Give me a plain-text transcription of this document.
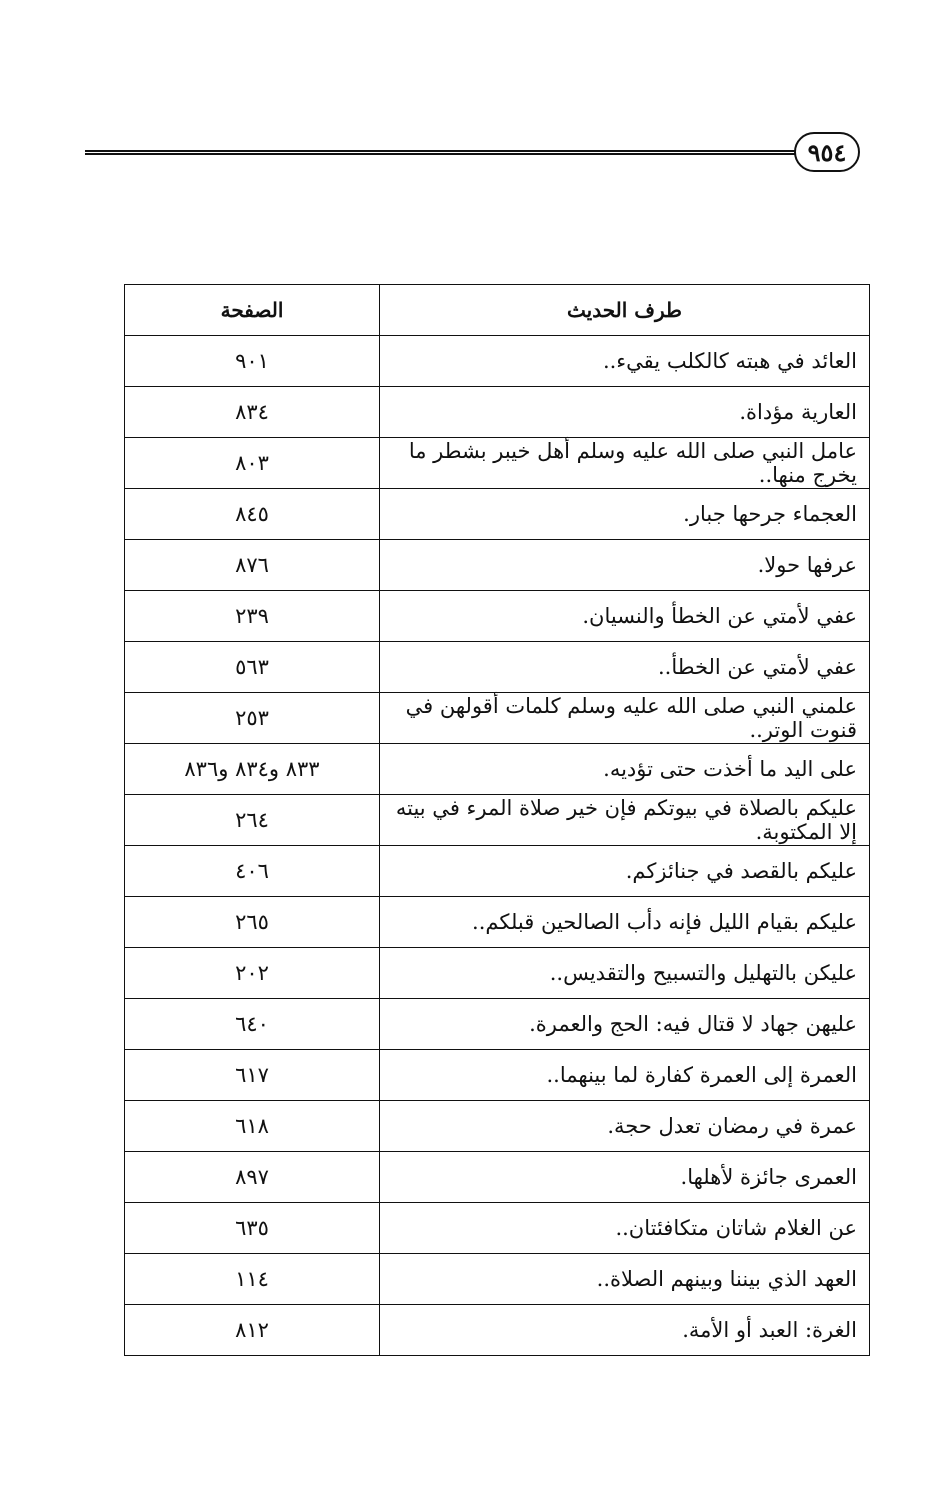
٩٥٤
طرف الحديث	الصفحة
العائد في هبته كالكلب يقيء..	٩٠١
العارية مؤداة.	٨٣٤
عامل النبي صلى الله عليه وسلم أهل خيبر بشطر ما يخرج منها..	٨٠٣
العجماء جرحها جبار.	٨٤٥
عرفها حولا.	٨٧٦
عفي لأمتي عن الخطأ والنسيان.	٢٣٩
عفي لأمتي عن الخطأ..	٥٦٣
علمني النبي صلى الله عليه وسلم كلمات أقولهن في قنوت الوتر..	٢٥٣
على اليد ما أخذت حتى تؤديه.	٨٣٣ و٨٣٤ و٨٣٦
عليكم بالصلاة في بيوتكم فإن خير صلاة المرء في بيته إلا المكتوبة.	٢٦٤
عليكم بالقصد في جنائزكم.	٤٠٦
عليكم بقيام الليل فإنه دأب الصالحين قبلكم..	٢٦٥
عليكن بالتهليل والتسبيح والتقديس..	٢٠٢
عليهن جهاد لا قتال فيه: الحج والعمرة.	٦٤٠
العمرة إلى العمرة كفارة لما بينهما..	٦١٧
عمرة في رمضان تعدل حجة.	٦١٨
العمرى جائزة لأهلها.	٨٩٧
عن الغلام شاتان متكافئتان..	٦٣٥
العهد الذي بيننا وبينهم الصلاة..	١١٤
الغرة: العبد أو الأمة.	٨١٢
